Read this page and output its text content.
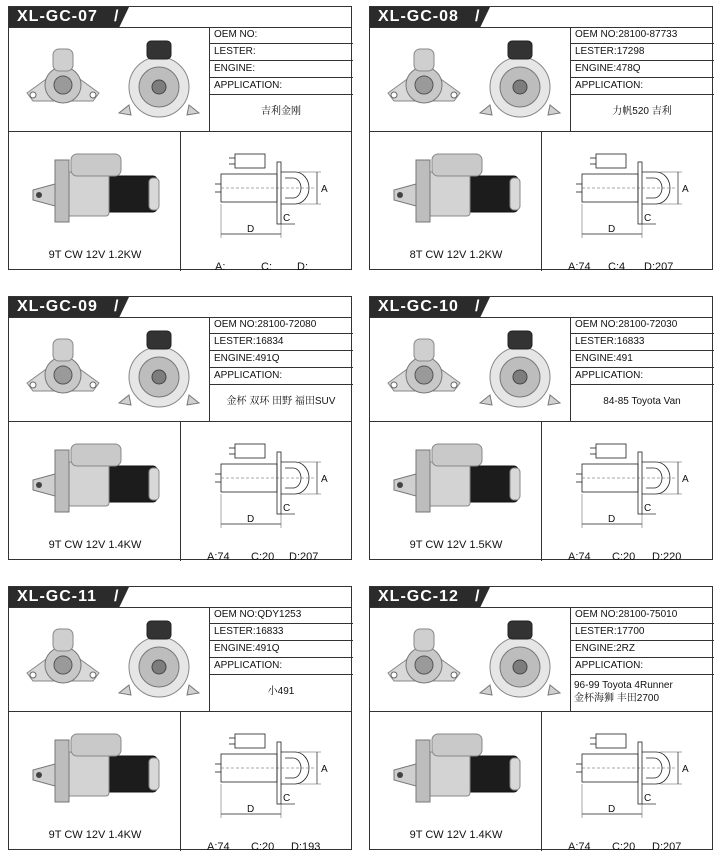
XL-GC-07 /
OEM NO:
LESTER:
ENGINE:
APPLICATION:
吉利金刚
9T CW 12V 1.2KW
A
C
D
A:	C: D:
XL-GC-08 /
OEM NO:28100-87733
LESTER:17298
ENGINE:478Q
APPLICATION:
力帆520 吉利
8T CW 12V 1.2KW
A
C
D
A:74 C:4 D:207
XL-GC-09 /
OEM NO:28100-72080
LESTER:16834
ENGINE:491Q
APPLICATION:
金杯 双环 田野 福田SUV
9T CW 12V 1.4KW
A
C
D
A:74 C:20 D:207
XL-GC-10 /
OEM NO:28100-72030
LESTER:16833
ENGINE:491
APPLICATION:
84-85 Toyota Van
9T CW 12V 1.5KW
A
C
D
A:74 C:20 D:220
XL-GC-11 /
OEM NO:QDY1253
LESTER:16833
ENGINE:491Q
APPLICATION:
小491
9T CW 12V 1.4KW
A
C
D
A:74 C:20 D:193
XL-GC-12 /
OEM NO:28100-75010
LESTER:17700
ENGINE:2RZ
APPLICATION:
96-99 Toyota 4Runner
金杯海狮 丰田2700
9T CW 12V 1.4KW
A
C
D
A:74 C:20 D:207
